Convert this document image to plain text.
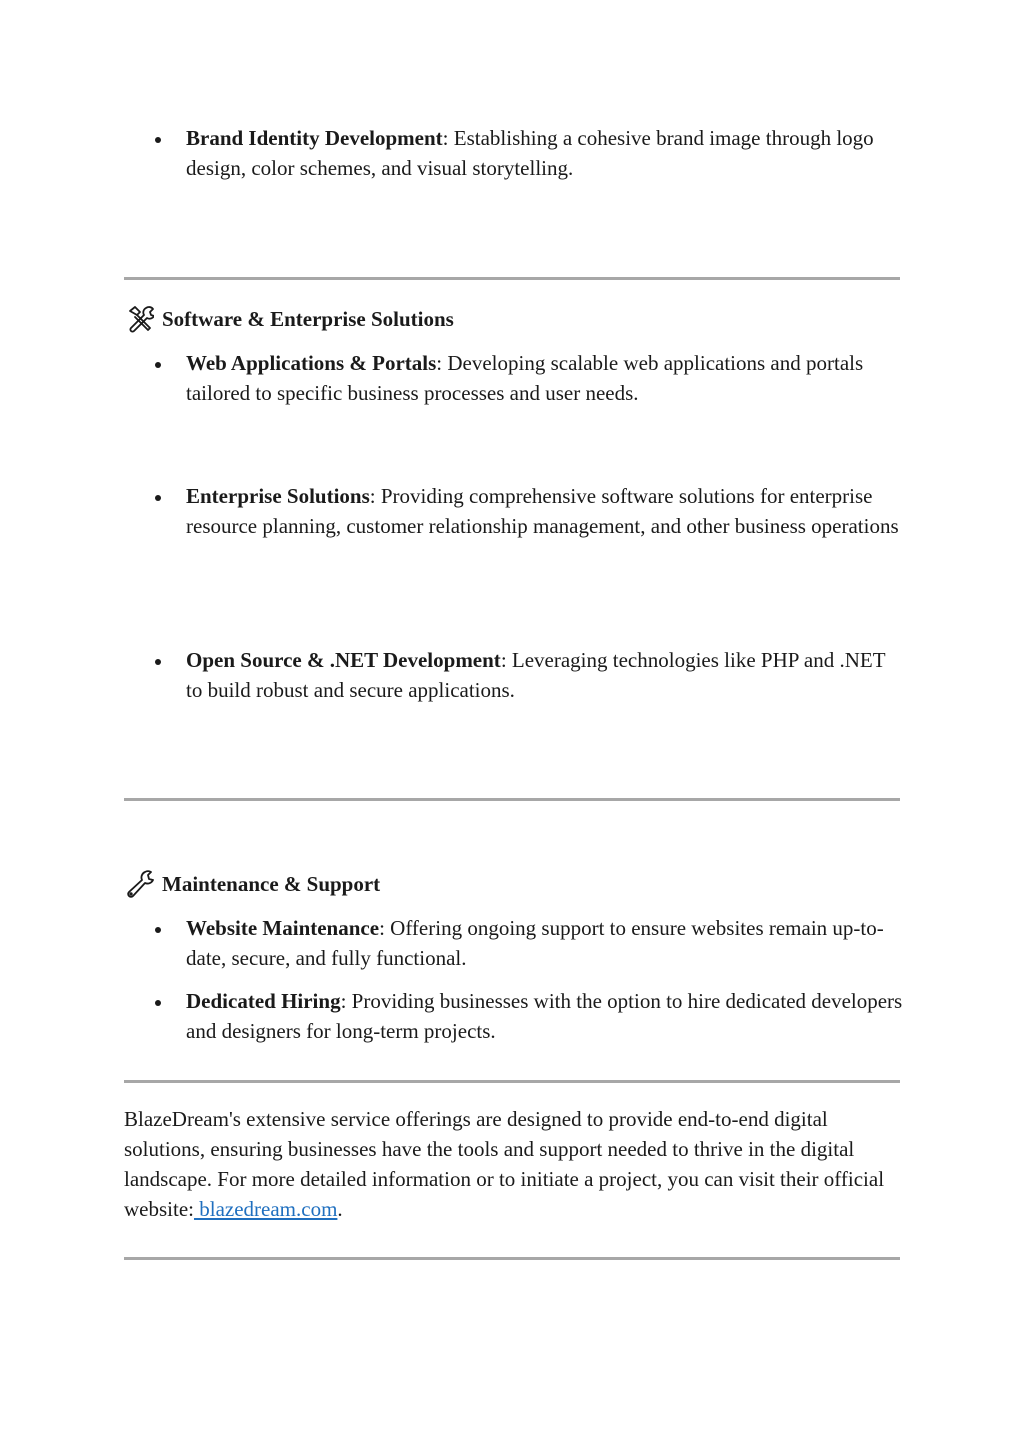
Brand Identity Development: Establishing a cohesive brand image through logo design, color schemes, and visual storytelling.
Software & Enterprise Solutions
Web Applications & Portals: Developing scalable web applications and portals tailored to specific business processes and user needs.
Enterprise Solutions: Providing comprehensive software solutions for enterprise resource planning, customer relationship management, and other business operations
Open Source & .NET Development: Leveraging technologies like PHP and .NET to build robust and secure applications.
Maintenance & Support
Website Maintenance: Offering ongoing support to ensure websites remain up-to-date, secure, and fully functional.
Dedicated Hiring: Providing businesses with the option to hire dedicated developers and designers for long-term projects.
BlazeDream's extensive service offerings are designed to provide end-to-end digital solutions, ensuring businesses have the tools and support needed to thrive in the digital landscape. For more detailed information or to initiate a project, you can visit their official website: blazedream.com.
